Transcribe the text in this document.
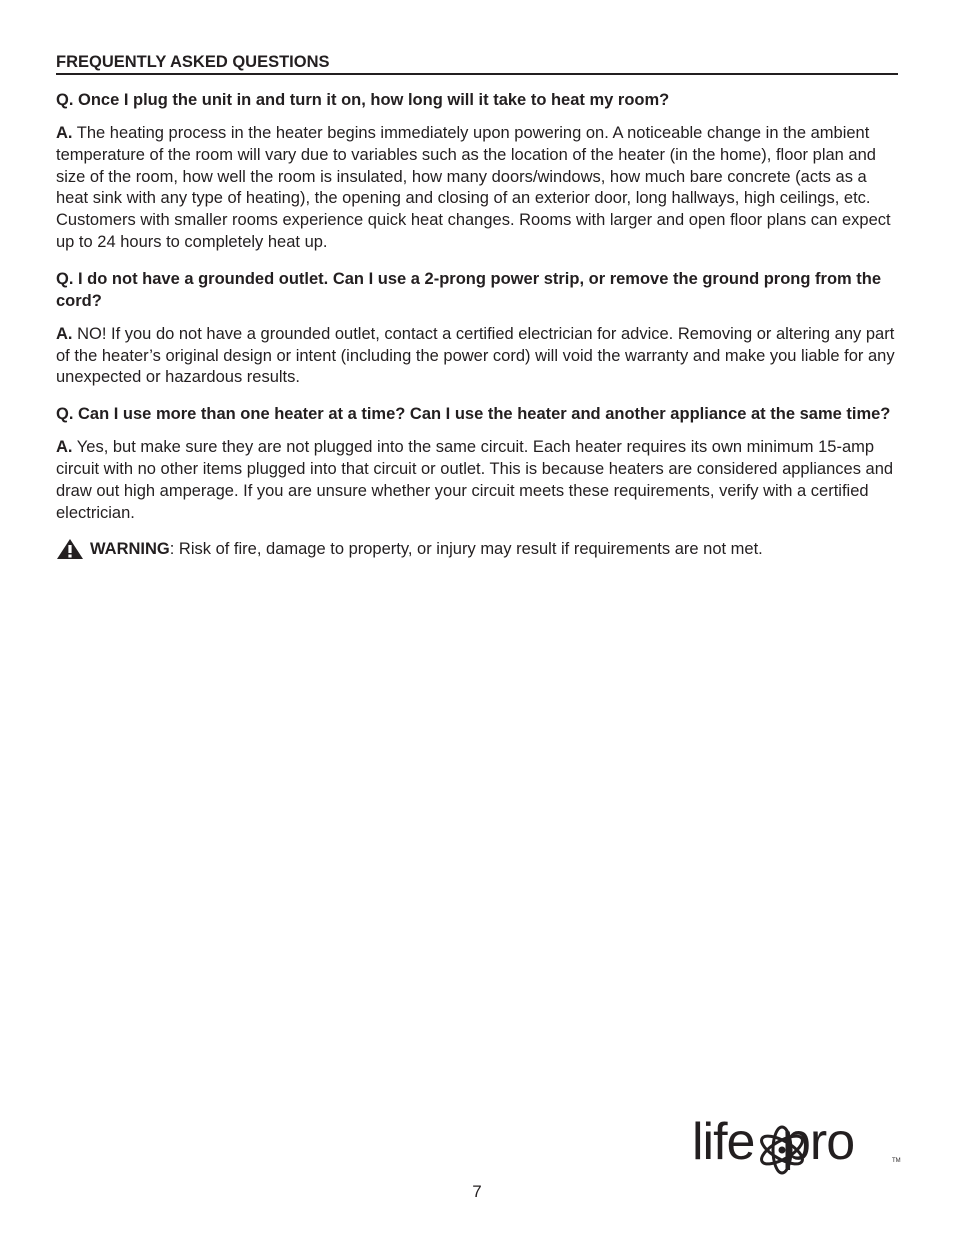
FREQUENTLY ASKED QUESTIONS
Q. Once I plug the unit in and turn it on, how long will it take to heat my room?
A. The heating process in the heater begins immediately upon powering on. A noticeable change in the ambient temperature of the room will vary due to variables such as the location of the heater (in the home), floor plan and size of the room, how well the room is insulated, how many doors/windows, how much bare concrete (acts as a heat sink with any type of heating), the opening and closing of an exterior door, long hallways, high ceilings, etc. Customers with smaller rooms experience quick heat changes. Rooms with larger and open floor plans can expect up to 24 hours to completely heat up.
Q. I do not have a grounded outlet. Can I use a 2-prong power strip, or remove the ground prong from the cord?
A. NO! If you do not have a grounded outlet, contact a certified electrician for advice. Removing or altering any part of the heater’s original design or intent (including the power cord) will void the warranty and make you liable for any unexpected or hazardous results.
Q. Can I use more than one heater at a time? Can I use the heater and another appliance at the same time?
A. Yes, but make sure they are not plugged into the same circuit. Each heater requires its own minimum 15-amp circuit with no other items plugged into that circuit or outlet. This is because heaters are considered appliances and draw out high amperage. If you are unsure whether your circuit meets these requirements, verify with a certified electrician.
WARNING: Risk of fire, damage to property, or injury may result if requirements are not met.
life pro	TM
7
